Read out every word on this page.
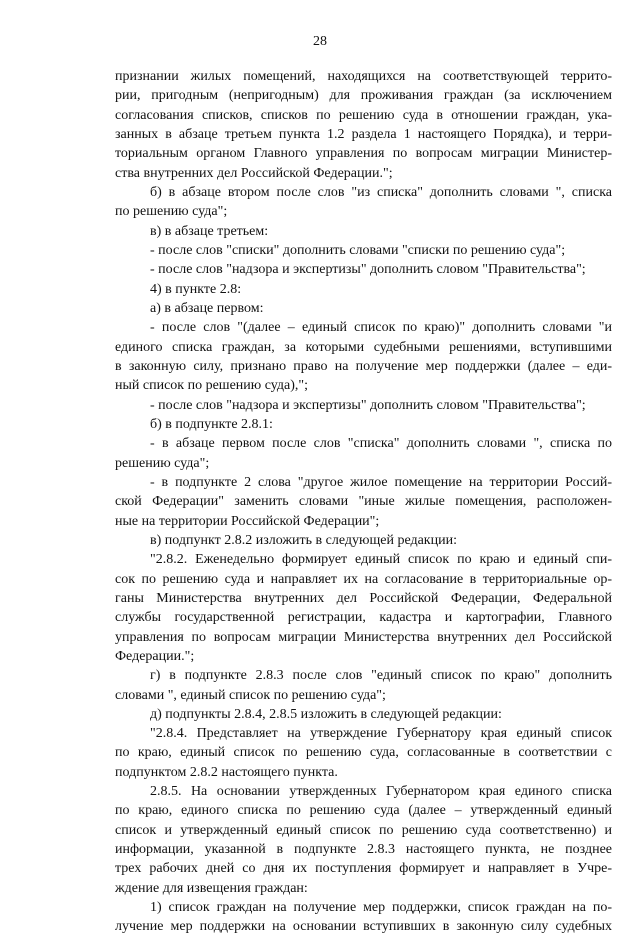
28
признании жилых помещений, находящихся на соответствующей террито-
рии, пригодным (непригодным) для проживания граждан (за исключением
согласования списков, списков по решению суда в отношении граждан, ука-
занных в абзаце третьем пункта 1.2 раздела 1 настоящего Порядка), и терри-
ториальным органом Главного управления по вопросам миграции Министер-
ства внутренних дел Российской Федерации.";
б) в абзаце втором после слов "из списка" дополнить словами ", списка
по решению суда";
в) в абзаце третьем:
- после слов "списки" дополнить словами "списки по решению суда";
- после слов "надзора и экспертизы" дополнить словом "Правительства";
4) в пункте 2.8:
а) в абзаце первом:
- после слов "(далее – единый список по краю)" дополнить словами "и
единого списка граждан, за которыми судебными решениями, вступившими
в законную силу, признано право на получение мер поддержки (далее – еди-
ный список по решению суда),";
- после слов "надзора и экспертизы" дополнить словом "Правительства";
б) в подпункте 2.8.1:
- в абзаце первом после слов "списка" дополнить словами ", списка по
решению суда";
- в подпункте 2 слова "другое жилое помещение на территории Россий-
ской Федерации" заменить словами "иные жилые помещения, расположен-
ные на территории Российской Федерации";
в) подпункт 2.8.2 изложить в следующей редакции:
"2.8.2. Еженедельно формирует единый список по краю и единый спи-
сок по решению суда и направляет их на согласование в территориальные ор-
ганы Министерства внутренних дел Российской Федерации, Федеральной
службы государственной регистрации, кадастра и картографии, Главного
управления по вопросам миграции Министерства внутренних дел Российской
Федерации.";
г) в подпункте 2.8.3 после слов "единый список по краю" дополнить
словами ", единый список по решению суда";
д) подпункты 2.8.4, 2.8.5 изложить в следующей редакции:
"2.8.4. Представляет на утверждение Губернатору края единый список
по краю, единый список по решению суда, согласованные в соответствии с
подпунктом 2.8.2 настоящего пункта.
2.8.5. На основании утвержденных Губернатором края единого списка
по краю, единого списка по решению суда (далее – утвержденный единый
список и утвержденный единый список по решению суда соответственно) и
информации, указанной в подпункте 2.8.3 настоящего пункта, не позднее
трех рабочих дней со дня их поступления формирует и направляет в Учре-
ждение для извещения граждан:
1) список граждан на получение мер поддержки, список граждан на по-
лучение мер поддержки на основании вступивших в законную силу судебных
